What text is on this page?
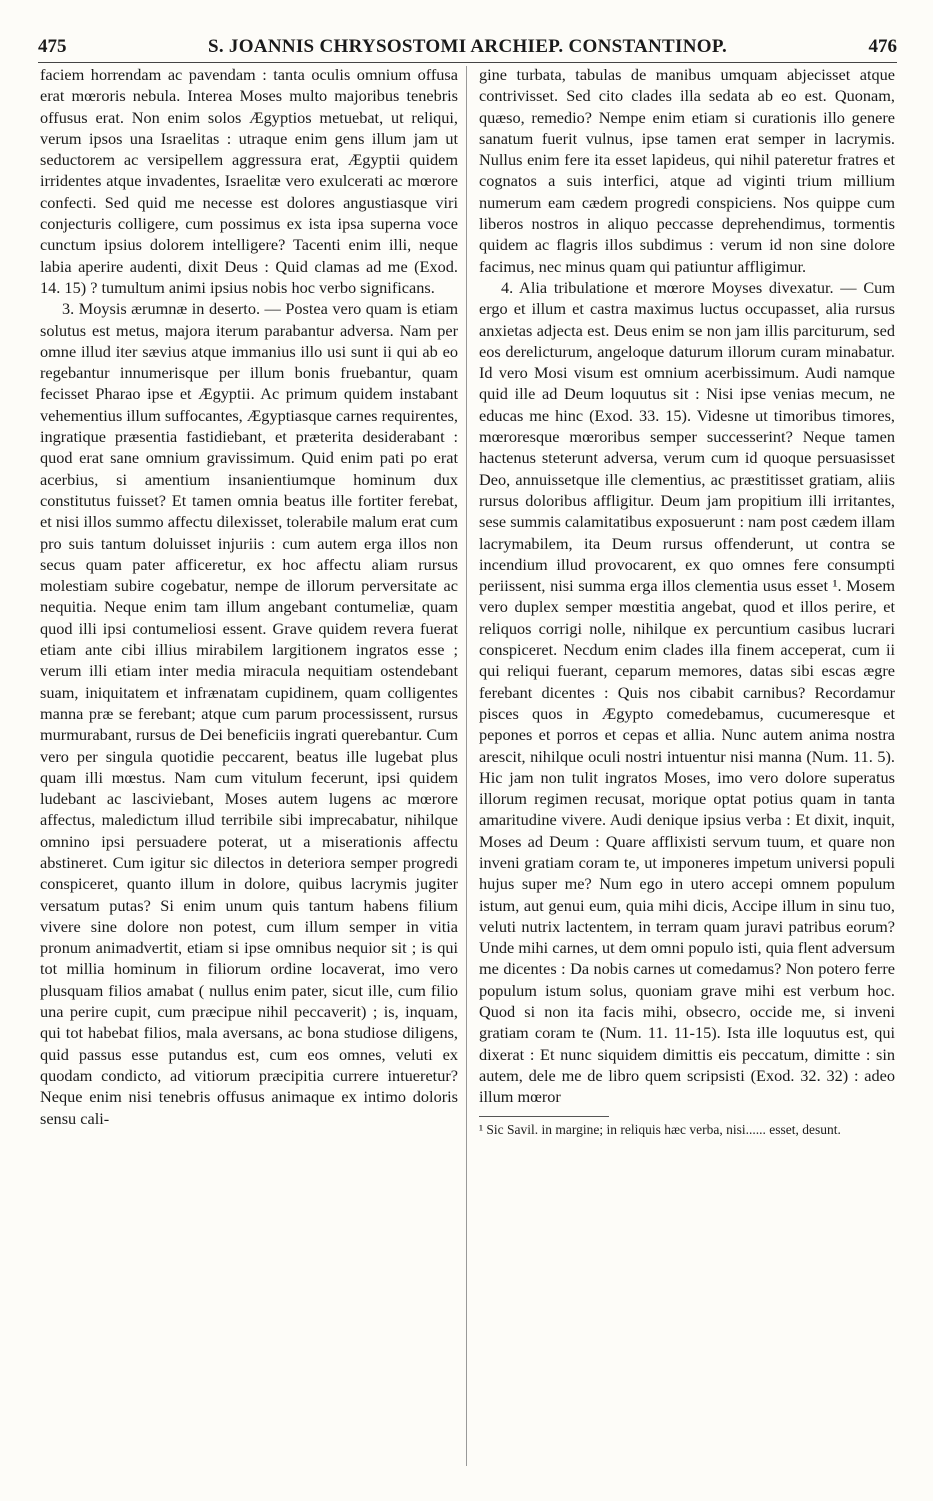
475	S. JOANNIS CHRYSOSTOMI ARCHIEP. CONSTANTINOP.	476

faciem horrendam ac pavendam : tanta oculis omnium offusa erat mœroris nebula. Interea Moses multo majoribus tenebris offusus erat. Non enim solos Ægyptios metuebat, ut reliqui, verum ipsos una Israelitas : utraque enim gens illum jam ut seductorem ac versipellem aggressura erat, Ægyptii quidem irridentes atque invadentes, Israelitæ vero exulcerati ac mœrore confecti. Sed quid me necesse est dolores angustiasque viri conjecturis colligere, cum possimus ex ista ipsa superna voce cunctum ipsius dolorem intelligere? Tacenti enim illi, neque labia aperire audenti, dixit Deus : Quid clamas ad me (Exod. 14. 15) ? tumultum animi ipsius nobis hoc verbo significans.

3. Moysis ærumnæ in deserto. — Postea vero quam is etiam solutus est metus, majora iterum parabantur adversa. Nam per omne illud iter sævius atque immanius illo usi sunt ii qui ab eo regebantur innumerisque per illum bonis fruebantur, quam fecisset Pharao ipse et Ægyptii. Ac primum quidem instabant vehementius illum suffocantes, Ægyptiasque carnes requirentes, ingratique præsentia fastidiebant, et præterita desiderabant : quod erat sane omnium gravissimum. Quid enim pati po erat acerbius, si amentium insanientiumque hominum dux constitutus fuisset? Et tamen omnia beatus ille fortiter ferebat, et nisi illos summo affectu dilexisset, tolerabile malum erat cum pro suis tantum doluisset injuriis : cum autem erga illos non secus quam pater afficeretur, ex hoc affectu aliam rursus molestiam subire cogebatur, nempe de illorum perversitate ac nequitia. Neque enim tam illum angebant contumeliæ, quam quod illi ipsi contumeliosi essent. Grave quidem revera fuerat etiam ante cibi illius mirabilem largitionem ingratos esse ; verum illi etiam inter media miracula nequitiam ostendebant suam, iniquitatem et infrænatam cupidinem, quam colligentes manna præ se ferebant; atque cum parum processissent, rursus murmurabant, rursus de Dei beneficiis ingrati querebantur. Cum vero per singula quotidie peccarent, beatus ille lugebat plus quam illi mœstus. Nam cum vitulum fecerunt, ipsi quidem ludebant ac lasciviebant, Moses autem lugens ac mœrore affectus, maledictum illud terribile sibi imprecabatur, nihilque omnino ipsi persuadere poterat, ut a miserationis affectu abstineret. Cum igitur sic dilectos in deteriora semper progredi conspiceret, quanto illum in dolore, quibus lacrymis jugiter versatum putas? Si enim unum quis tantum habens filium vivere sine dolore non potest, cum illum semper in vitia pronum animadvertit, etiam si ipse omnibus nequior sit ; is qui tot millia hominum in filiorum ordine locaverat, imo vero plusquam filios amabat ( nullus enim pater, sicut ille, cum filio una perire cupit, cum præcipue nihil peccaverit) ; is, inquam, qui tot habebat filios, mala aversans, ac bona studiose diligens, quid passus esse putandus est, cum eos omnes, veluti ex quodam condicto, ad vitiorum præcipitia currere intueretur? Neque enim nisi tenebris offusus animaque ex intimo doloris sensu cali-

gine turbata, tabulas de manibus umquam abjecisset atque contrivisset. Sed cito clades illa sedata ab eo est. Quonam, quæso, remedio? Nempe enim etiam si curationis illo genere sanatum fuerit vulnus, ipse tamen erat semper in lacrymis. Nullus enim fere ita esset lapideus, qui nihil pateretur fratres et cognatos a suis interfici, atque ad viginti trium millium numerum eam cædem progredi conspiciens. Nos quippe cum liberos nostros in aliquo peccasse deprehendimus, tormentis quidem ac flagris illos subdimus : verum id non sine dolore facimus, nec minus quam qui patiuntur affligimur.

4. Alia tribulatione et mœrore Moyses divexatur. — Cum ergo et illum et castra maximus luctus occupasset, alia rursus anxietas adjecta est. Deus enim se non jam illis parciturum, sed eos derelicturum, angeloque daturum illorum curam minabatur. Id vero Mosi visum est omnium acerbissimum. Audi namque quid ille ad Deum loquutus sit : Nisi ipse venias mecum, ne educas me hinc (Exod. 33. 15). Videsne ut timoribus timores, mœroresque mœroribus semper successerint? Neque tamen hactenus steterunt adversa, verum cum id quoque persuasisset Deo, annuissetque ille clementius, ac præstitisset gratiam, aliis rursus doloribus affligitur. Deum jam propitium illi irritantes, sese summis calamitatibus exposuerunt : nam post cædem illam lacrymabilem, ita Deum rursus offenderunt, ut contra se incendium illud provocarent, ex quo omnes fere consumpti periissent, nisi summa erga illos clementia usus esset ¹. Mosem vero duplex semper mœstitia angebat, quod et illos perire, et reliquos corrigi nolle, nihilque ex percuntium casibus lucrari conspiceret. Necdum enim clades illa finem acceperat, cum ii qui reliqui fuerant, ceparum memores, datas sibi escas ægre ferebant dicentes : Quis nos cibabit carnibus? Recordamur pisces quos in Ægypto comedebamus, cucumeresque et pepones et porros et cepas et allia. Nunc autem anima nostra arescit, nihilque oculi nostri intuentur nisi manna (Num. 11. 5). Hic jam non tulit ingratos Moses, imo vero dolore superatus illorum regimen recusat, morique optat potius quam in tanta amaritudine vivere. Audi denique ipsius verba : Et dixit, inquit, Moses ad Deum : Quare afflixisti servum tuum, et quare non inveni gratiam coram te, ut imponeres impetum universi populi hujus super me? Num ego in utero accepi omnem populum istum, aut genui eum, quia mihi dicis, Accipe illum in sinu tuo, veluti nutrix lactentem, in terram quam juravi patribus eorum? Unde mihi carnes, ut dem omni populo isti, quia flent adversum me dicentes : Da nobis carnes ut comedamus? Non potero ferre populum istum solus, quoniam grave mihi est verbum hoc. Quod si non ita facis mihi, obsecro, occide me, si inveni gratiam coram te (Num. 11. 11-15). Ista ille loquutus est, qui dixerat : Et nunc siquidem dimittis eis peccatum, dimitte : sin autem, dele me de libro quem scripsisti (Exod. 32. 32) : adeo illum mœror

¹ Sic Savil. in margine; in reliquis hæc verba, nisi...... esset, desunt.
